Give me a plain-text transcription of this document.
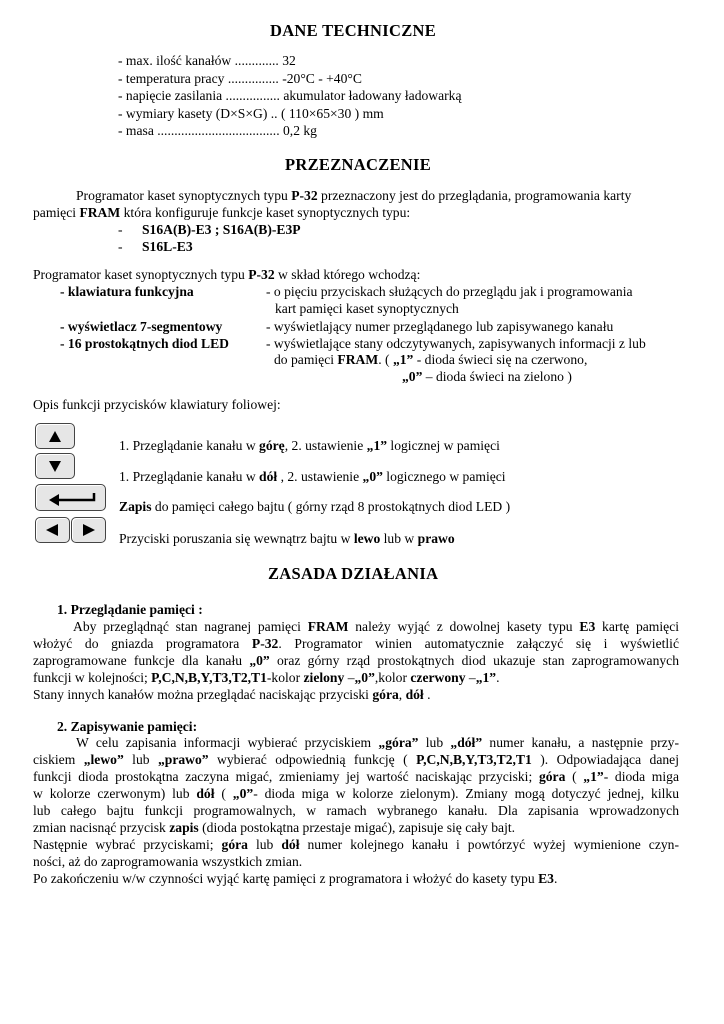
DANE TECHNICZNE
- max. ilość kanałów ............. 32
- temperatura pracy ............... -20°C - +40°C
- napięcie zasilania ................ akumulator ładowany ładowarką
- wymiary kasety (D×S×G) .. ( 110×65×30 ) mm
- masa .................................... 0,2 kg
PRZEZNACZENIE
Programator kaset synoptycznych typu P-32 przeznaczony jest do przeglądania, programowania karty
pamięci FRAM która konfiguruje funkcje kaset synoptycznych typu:
- S16A(B)-E3 ; S16A(B)-E3P
- S16L-E3
Programator kaset synoptycznych typu P-32 w skład którego wchodzą:
- klawiatura funkcyjna	- o pięciu przyciskach służących do przeglądu jak i programowania
kart pamięci kaset synoptycznych
- wyświetlacz 7-segmentowy	- wyświetlający numer przeglądanego lub zapisywanego kanału
- 16 prostokątnych diod LED	- wyświetlające stany odczytywanych, zapisywanych informacji z lub
do pamięci FRAM. ( „1” - dioda świeci się na czerwono,
„0” – dioda świeci na zielono )
Opis funkcji przycisków klawiatury foliowej:
1. Przeglądanie kanału w górę, 2. ustawienie „1” logicznej w pamięci
1. Przeglądanie kanału w dół , 2. ustawienie „0” logicznego w pamięci
Zapis do pamięci całego bajtu ( górny rząd 8 prostokątnych diod LED )
Przyciski poruszania się wewnątrz bajtu w lewo lub w prawo
ZASADA DZIAŁANIA
1. Przeglądanie pamięci :
Aby przeglądnąć stan nagranej pamięci FRAM należy wyjąć z dowolnej kasety typu E3 kartę pamięci
włożyć do gniazda programatora P-32. Programator winien automatycznie załączyć się i wyświetlić
zaprogramowane funkcje dla kanału „0” oraz górny rząd prostokątnych diod ukazuje stan zaprogramowanych
funkcji w kolejności; P,C,N,B,Y,T3,T2,T1-kolor zielony –„0”,kolor czerwony –„1”.
Stany innych kanałów można przeglądać naciskając przyciski góra, dół .
2. Zapisywanie pamięci:
W celu zapisania informacji wybierać przyciskiem „góra” lub „dół” numer kanału, a następnie przy-
ciskiem „lewo” lub „prawo” wybierać odpowiednią funkcję ( P,C,N,B,Y,T3,T2,T1 ). Odpowiadająca danej
funkcji dioda prostokątna zaczyna migać, zmieniamy jej wartość naciskając przyciski; góra ( „1”- dioda miga
w kolorze czerwonym) lub dół ( „0”- dioda miga w kolorze zielonym). Zmiany mogą dotyczyć jednej, kilku
lub całego bajtu funkcji programowalnych, w ramach wybranego kanału. Dla zapisania wprowadzonych
zmian nacisnąć przycisk zapis (dioda postokątna przestaje migać), zapisuje się cały bajt.
Następnie wybrać przyciskami; góra lub dół numer kolejnego kanału i powtórzyć wyżej wymienione czyn-
ności, aż do zaprogramowania wszystkich zmian.
Po zakończeniu w/w czynności wyjąć kartę pamięci z programatora i włożyć do kasety typu E3.
